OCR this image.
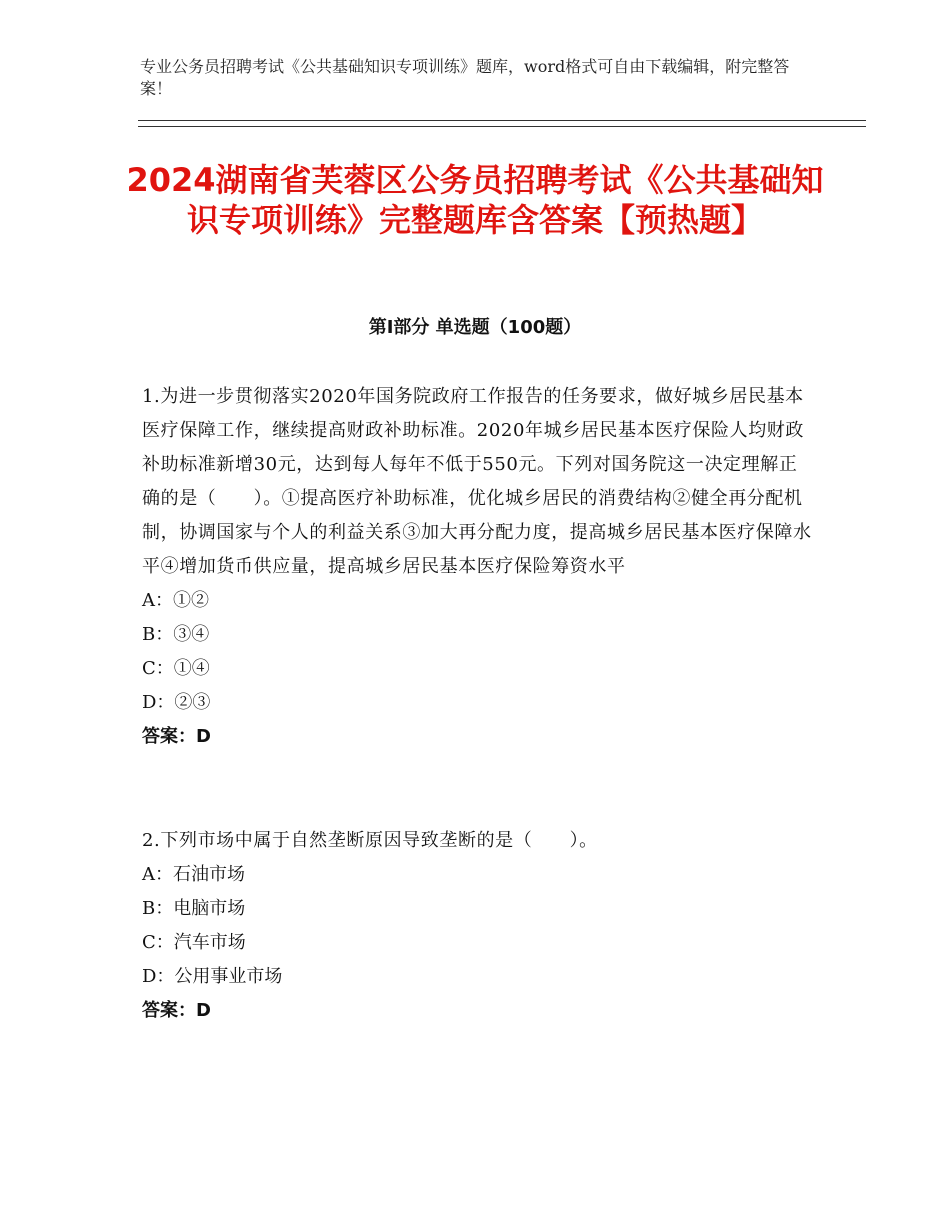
专业公务员招聘考试《公共基础知识专项训练》题库，word格式可自由下载编辑，附完整答案！
2024湖南省芙蓉区公务员招聘考试《公共基础知识专项训练》完整题库含答案【预热题】
第Ⅰ部分 单选题（100题）

1.为进一步贯彻落实2020年国务院政府工作报告的任务要求，做好城乡居民基本医疗保障工作，继续提高财政补助标准。2020年城乡居民基本医疗保险人均财政补助标准新增30元，达到每人每年不低于550元。下列对国务院这一决定理解正确的是（　　）。①提高医疗补助标准，优化城乡居民的消费结构②健全再分配机制，协调国家与个人的利益关系③加大再分配力度，提高城乡居民基本医疗保障水平④增加货币供应量，提高城乡居民基本医疗保险筹资水平

A：①②

B：③④

C：①④

D：②③

答案：D

2.下列市场中属于自然垄断原因导致垄断的是（　　）。

A：石油市场

B：电脑市场

C：汽车市场

D：公用事业市场

答案：D
